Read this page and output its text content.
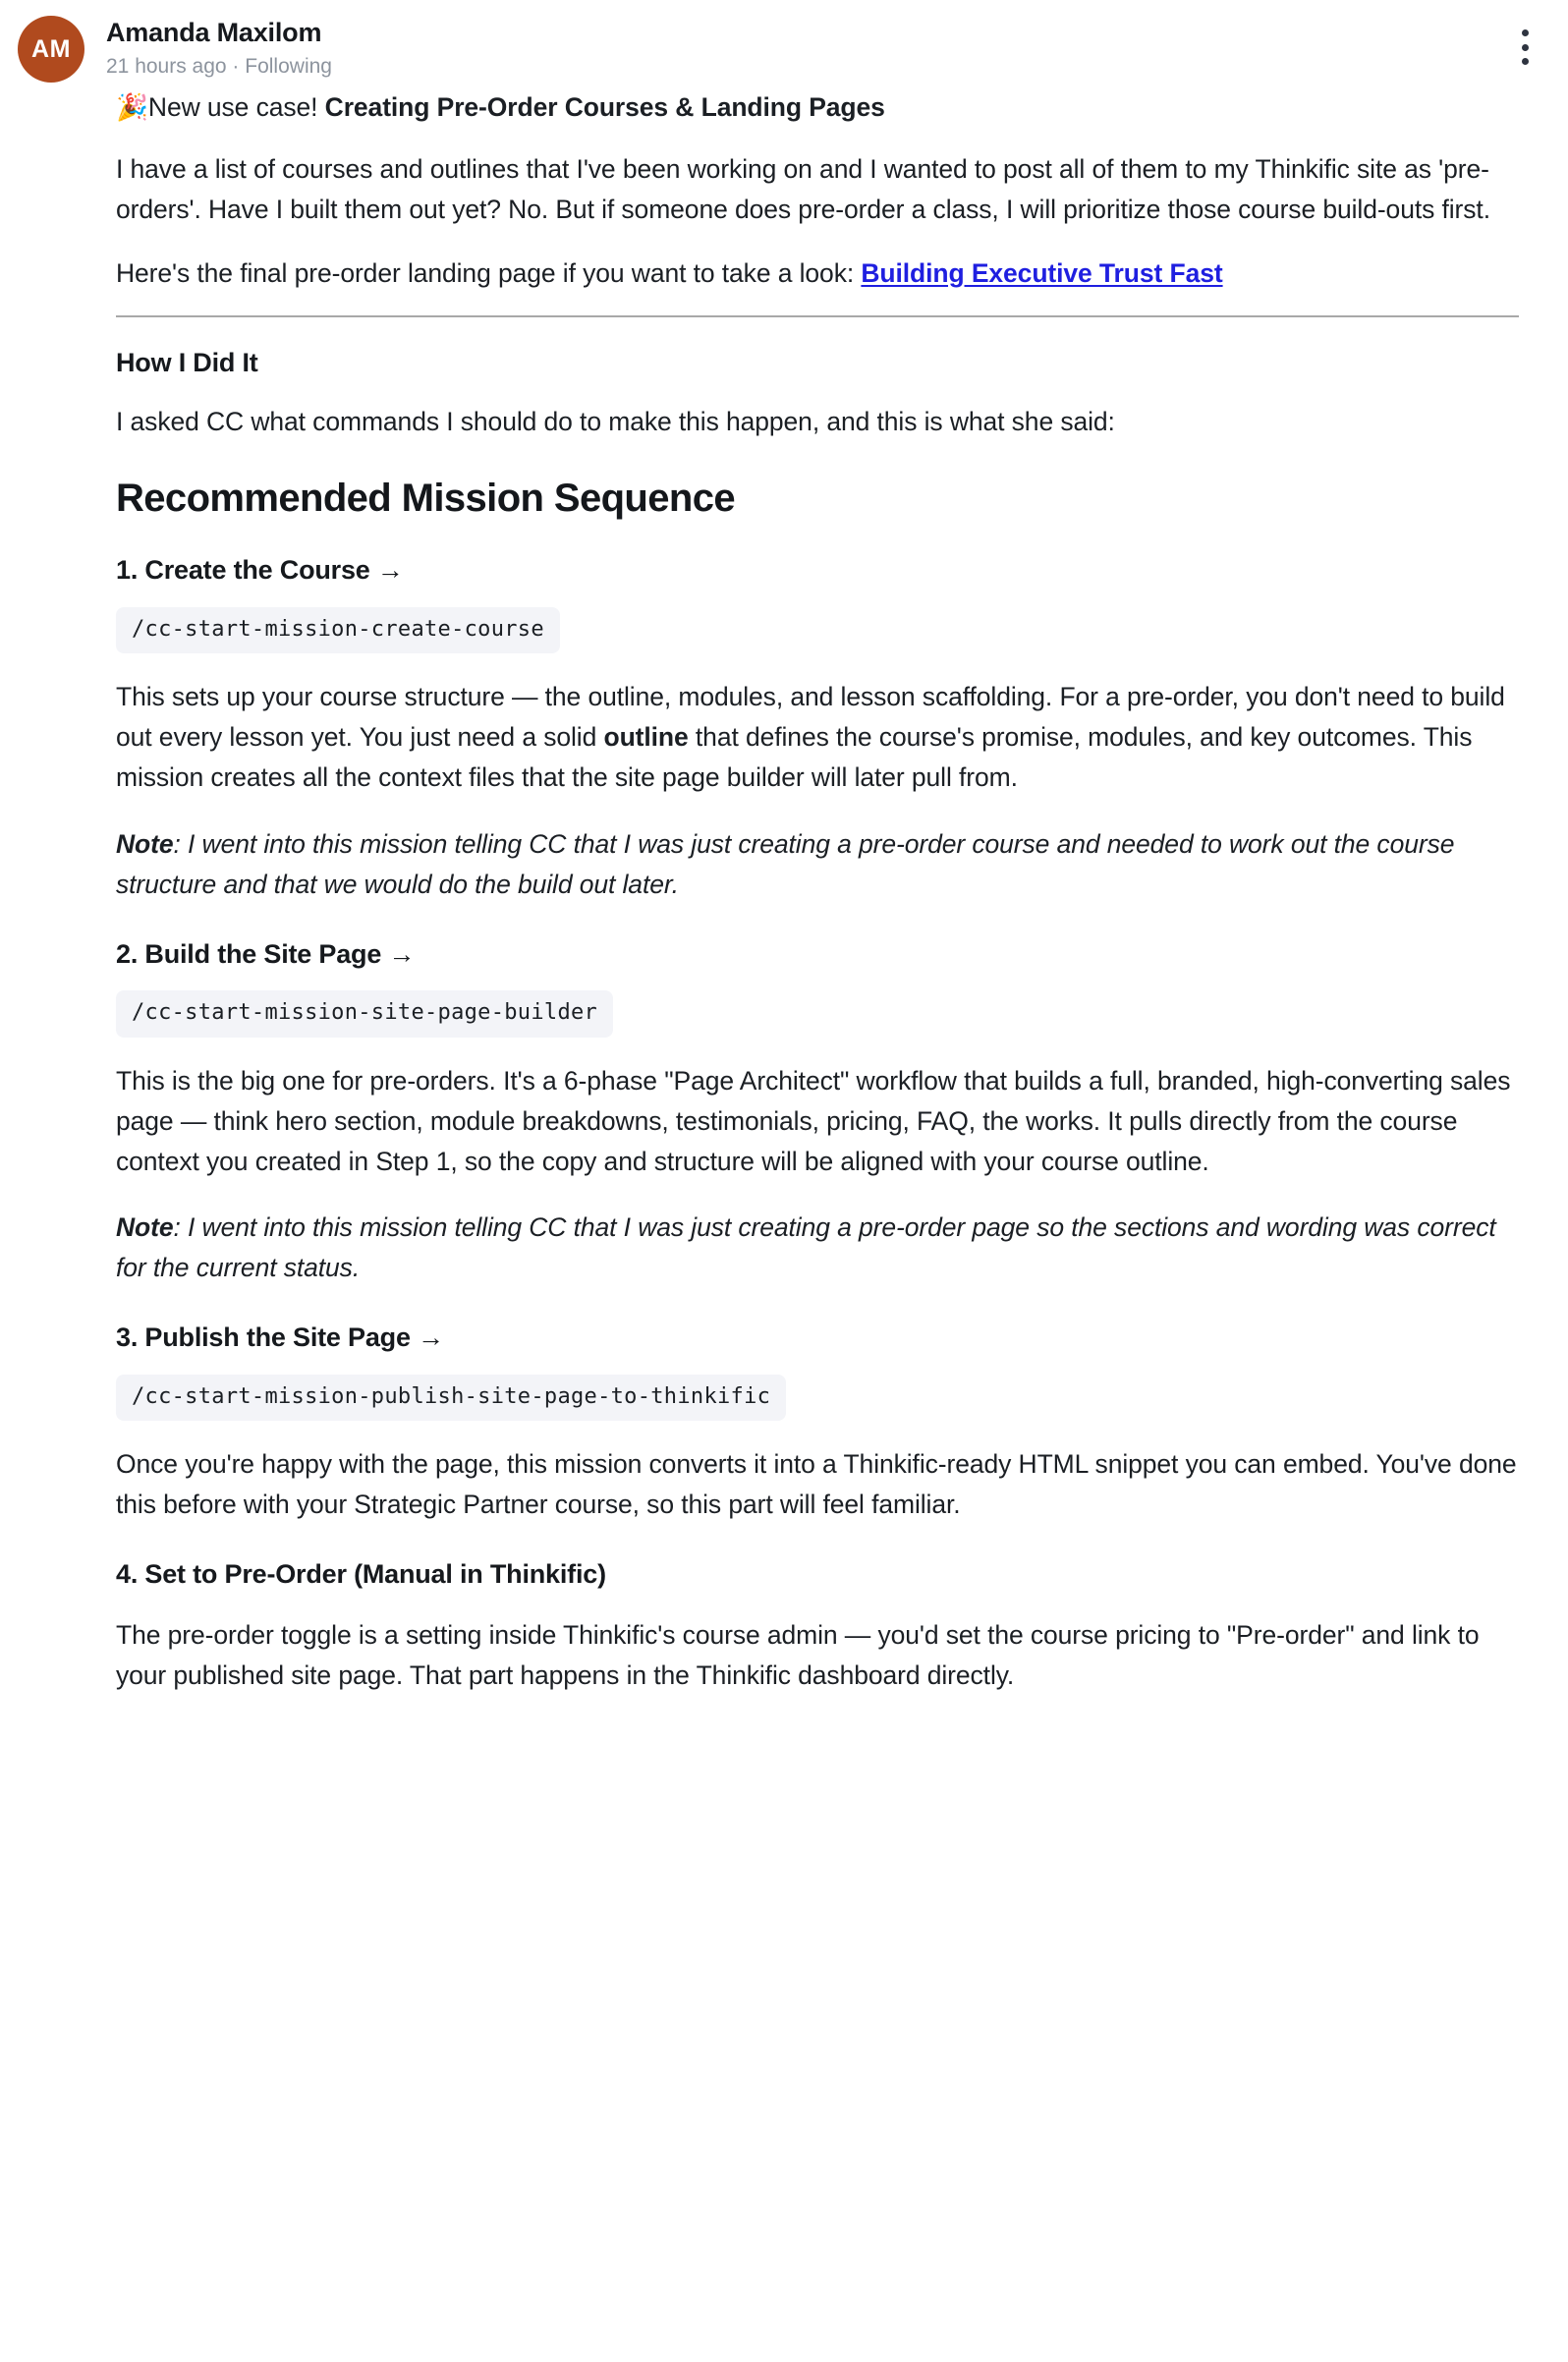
AM
Amanda Maxilom
21 hours ago · Following
🎉New use case! Creating Pre-Order Courses & Landing Pages

I have a list of courses and outlines that I've been working on and I wanted to post all of them to my Thinkific site as 'pre-orders'. Have I built them out yet? No. But if someone does pre-order a class, I will prioritize those course build-outs first.

Here's the final pre-order landing page if you want to take a look: Building Executive Trust Fast

How I Did It

I asked CC what commands I should do to make this happen, and this is what she said:

Recommended Mission Sequence
1. Create the Course →
/cc-start-mission-create-course

This sets up your course structure — the outline, modules, and lesson scaffolding. For a pre-order, you don't need to build out every lesson yet. You just need a solid outline that defines the course's promise, modules, and key outcomes. This mission creates all the context files that the site page builder will later pull from.

Note: I went into this mission telling CC that I was just creating a pre-order course and needed to work out the course structure and that we would do the build out later.

2. Build the Site Page →
/cc-start-mission-site-page-builder

This is the big one for pre-orders. It's a 6-phase "Page Architect" workflow that builds a full, branded, high-converting sales page — think hero section, module breakdowns, testimonials, pricing, FAQ, the works. It pulls directly from the course context you created in Step 1, so the copy and structure will be aligned with your course outline.

Note: I went into this mission telling CC that I was just creating a pre-order page so the sections and wording was correct for the current status.

3. Publish the Site Page →
/cc-start-mission-publish-site-page-to-thinkific

Once you're happy with the page, this mission converts it into a Thinkific-ready HTML snippet you can embed. You've done this before with your Strategic Partner course, so this part will feel familiar.

4. Set to Pre-Order (Manual in Thinkific)

The pre-order toggle is a setting inside Thinkific's course admin — you'd set the course pricing to "Pre-order" and link to your published site page. That part happens in the Thinkific dashboard directly.
